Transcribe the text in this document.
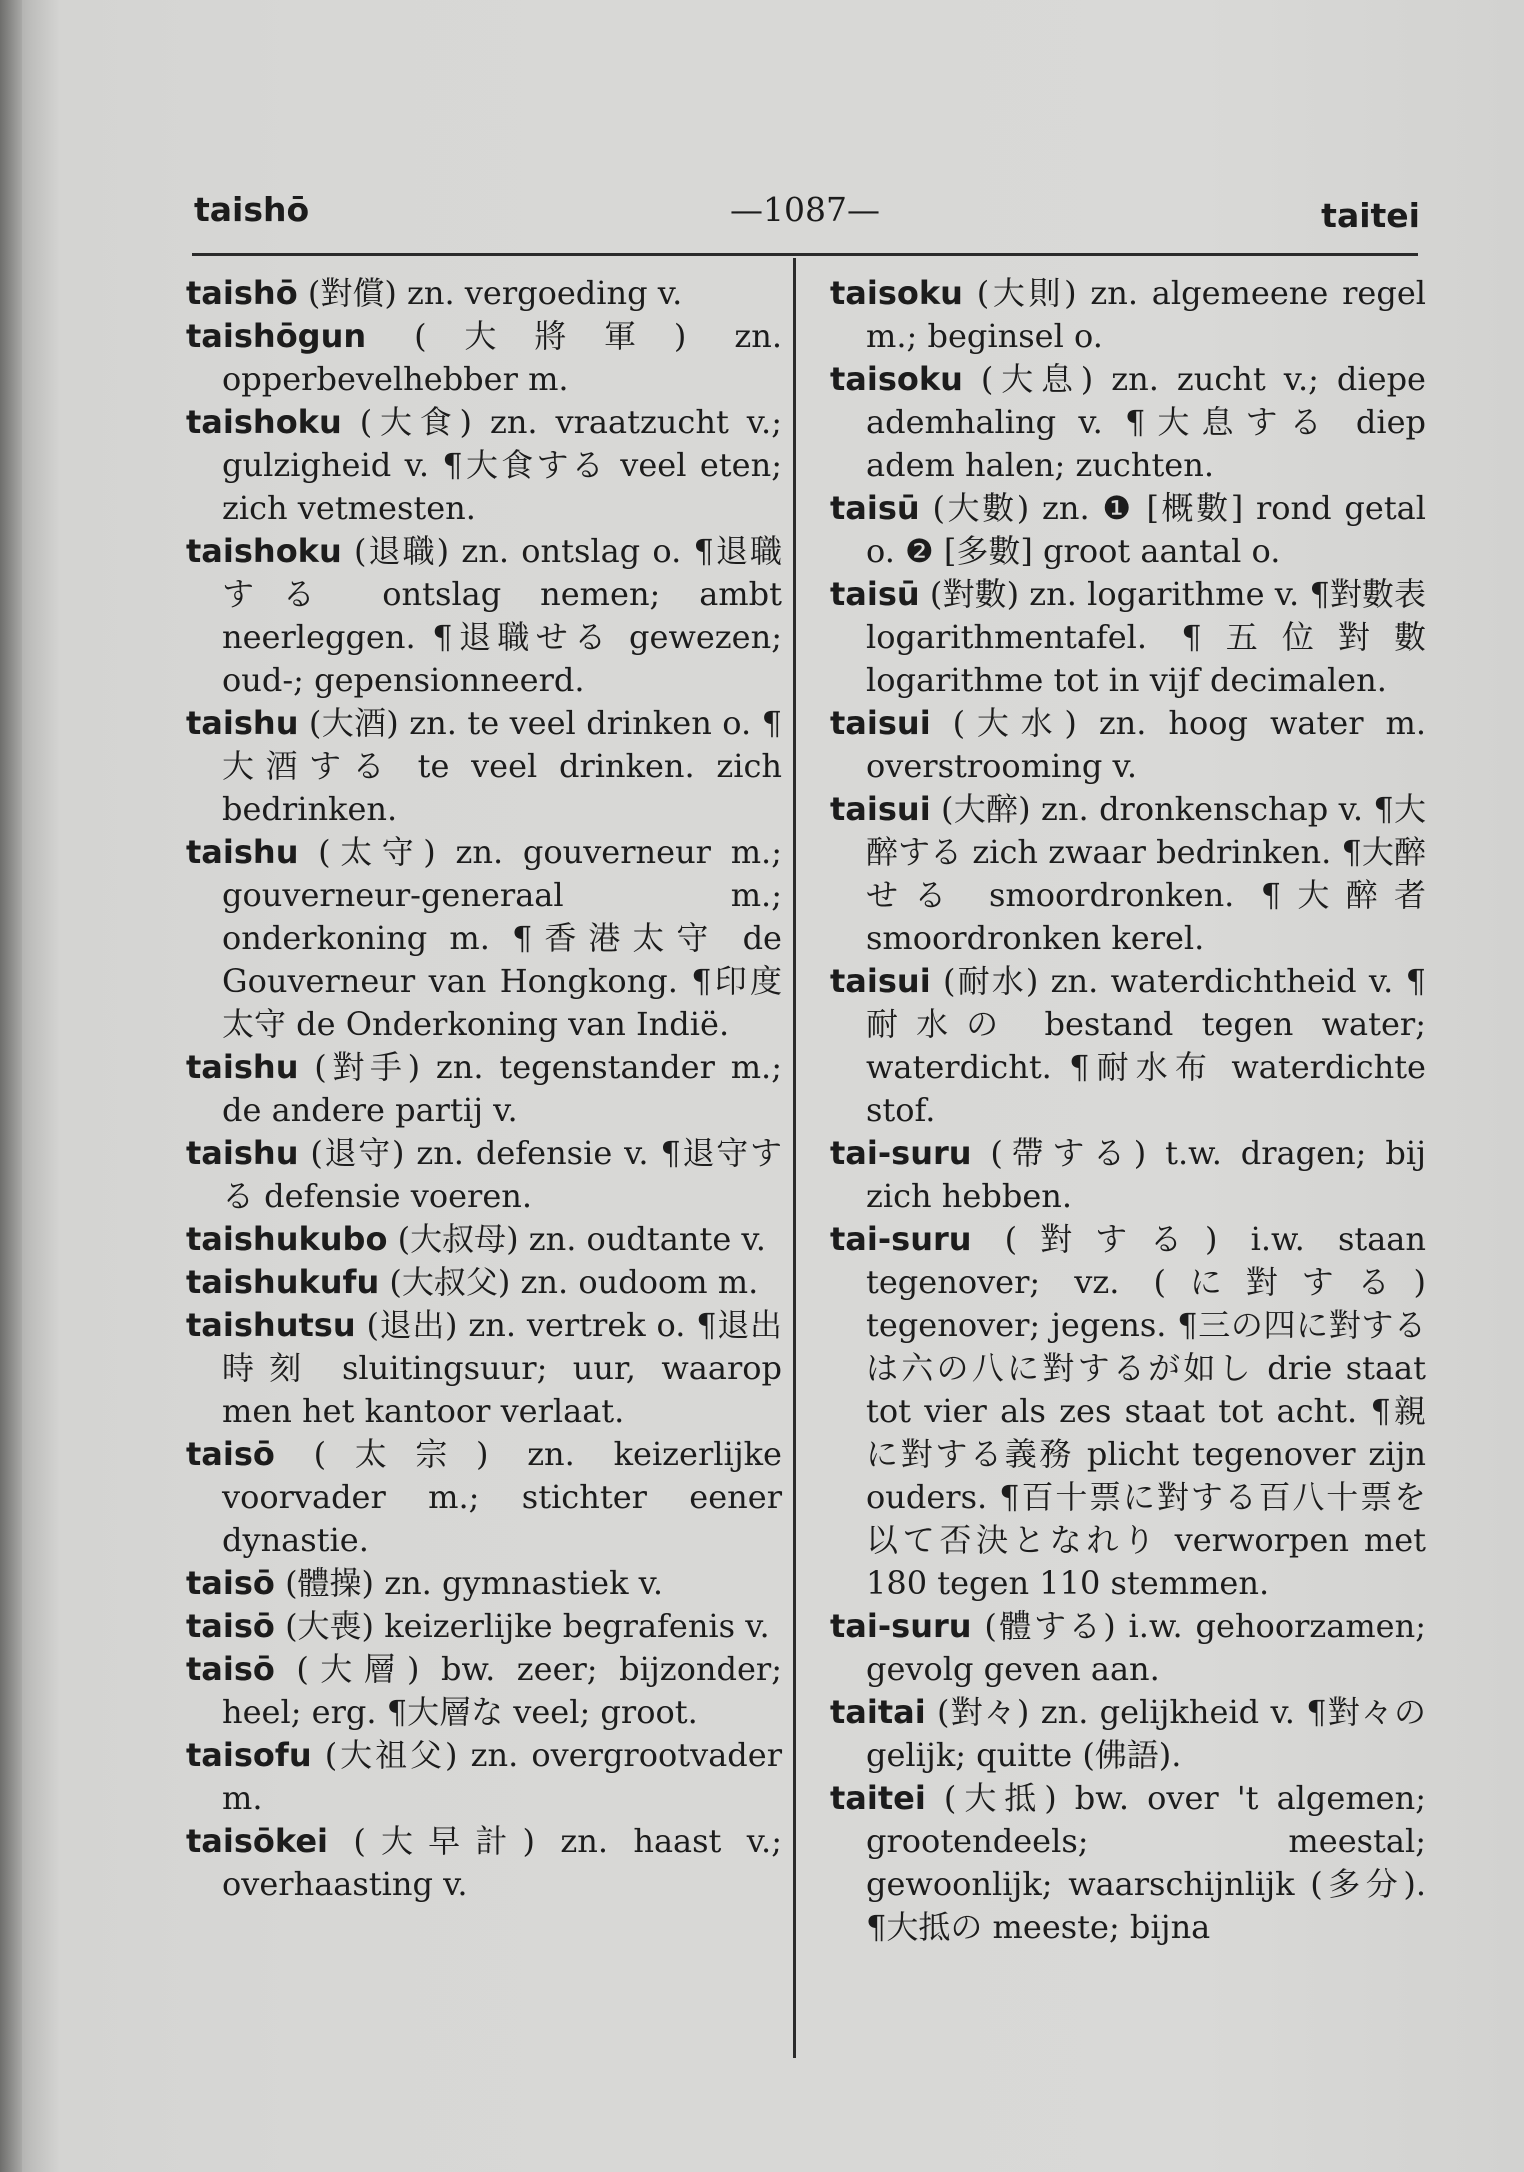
taishō	—1087—	taitei

taishō (對償) zn. vergoeding v.

taishōgun (大將軍) zn. opperbevelhebber m.

taishoku (大食) zn. vraatzucht v.; gulzigheid v. ¶大食する veel eten; zich vetmesten.

taishoku (退職) zn. ontslag o. ¶退職する ontslag nemen; ambt neerleggen. ¶退職せる gewezen; oud-; gepensionneerd.

taishu (大酒) zn. te veel drinken o. ¶大酒する te veel drinken. zich bedrinken.

taishu (太守) zn. gouverneur m.; gouverneur-generaal m.; onderkoning m. ¶香港太守 de Gouverneur van Hongkong. ¶印度太守 de Onderkoning van Indië.

taishu (對手) zn. tegenstander m.; de andere partij v.

taishu (退守) zn. defensie v. ¶退守する defensie voeren.

taishukubo (大叔母) zn. oudtante v.

taishukufu (大叔父) zn. oudoom m.

taishutsu (退出) zn. vertrek o. ¶退出時刻 sluitingsuur; uur, waarop men het kantoor verlaat.

taisō (太宗) zn. keizerlijke voorvader m.; stichter eener dynastie.

taisō (體操) zn. gymnastiek v.

taisō (大喪) keizerlijke begrafenis v.

taisō (大層) bw. zeer; bijzonder; heel; erg. ¶大層な veel; groot.

taisofu (大祖父) zn. overgrootvader m.

taisōkei (大早計) zn. haast v.; overhaasting v.

taisoku (大則) zn. algemeene regel m.; beginsel o.

taisoku (大息) zn. zucht v.; diepe ademhaling v. ¶大息する diep adem halen; zuchten.

taisū (大數) zn. ❶ [概數] rond getal o. ❷ [多數] groot aantal o.

taisū (對數) zn. logarithme v. ¶對數表 logarithmentafel. ¶五位對數 logarithme tot in vijf decimalen.

taisui (大水) zn. hoog water m. overstrooming v.

taisui (大醉) zn. dronkenschap v. ¶大醉する zich zwaar bedrinken. ¶大醉せる smoordronken. ¶大醉者 smoordronken kerel.

taisui (耐水) zn. waterdichtheid v. ¶耐水の bestand tegen water; waterdicht. ¶耐水布 waterdichte stof.

tai-suru (帶する) t.w. dragen; bij zich hebben.

tai-suru (對する) i.w. staan tegenover; vz. (に對する) tegenover; jegens. ¶三の四に對するは六の八に對するが如し drie staat tot vier als zes staat tot acht. ¶親に對する義務 plicht tegenover zijn ouders. ¶百十票に對する百八十票を以て否決となれり verworpen met 180 tegen 110 stemmen.

tai-suru (體する) i.w. gehoorzamen; gevolg geven aan.

taitai (對々) zn. gelijkheid v. ¶對々の gelijk; quitte (佛語).

taitei (大抵) bw. over 't algemen; grootendeels; meestal; gewoonlijk; waarschijnlijk (多分). ¶大抵の meeste; bijna
